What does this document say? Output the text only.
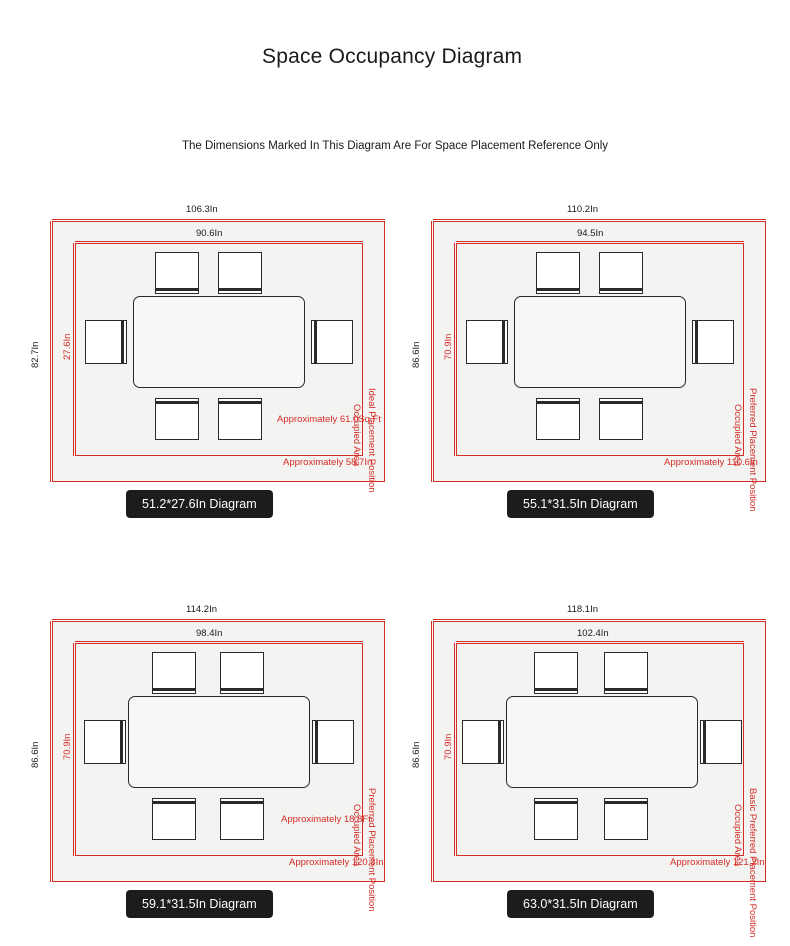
Space Occupancy Diagram
The Dimensions Marked In This Diagram Are For Space Placement Reference Only
106.3In
90.6In
82.7In 27.6In
Approximately 61.0Sq.Ft
Approximately 58.7In
Ideal Placement Position
Occupied Area
51.2*27.6In Diagram
110.2In
94.5In
86.6In 70.9In
Approximately 110.6In
Preferred Placement Position
Occupied Area
55.1*31.5In Diagram
114.2In
98.4In
86.6In 70.9In
Approximately 18.8Ft
Approximately 120.3In
Preferred Placement Position
Occupied Area
59.1*31.5In Diagram
118.1In
102.4In
86.6In 70.9In
Approximately 121.2In
Basic Preferred Placement Position
Occupied Area
63.0*31.5In Diagram
